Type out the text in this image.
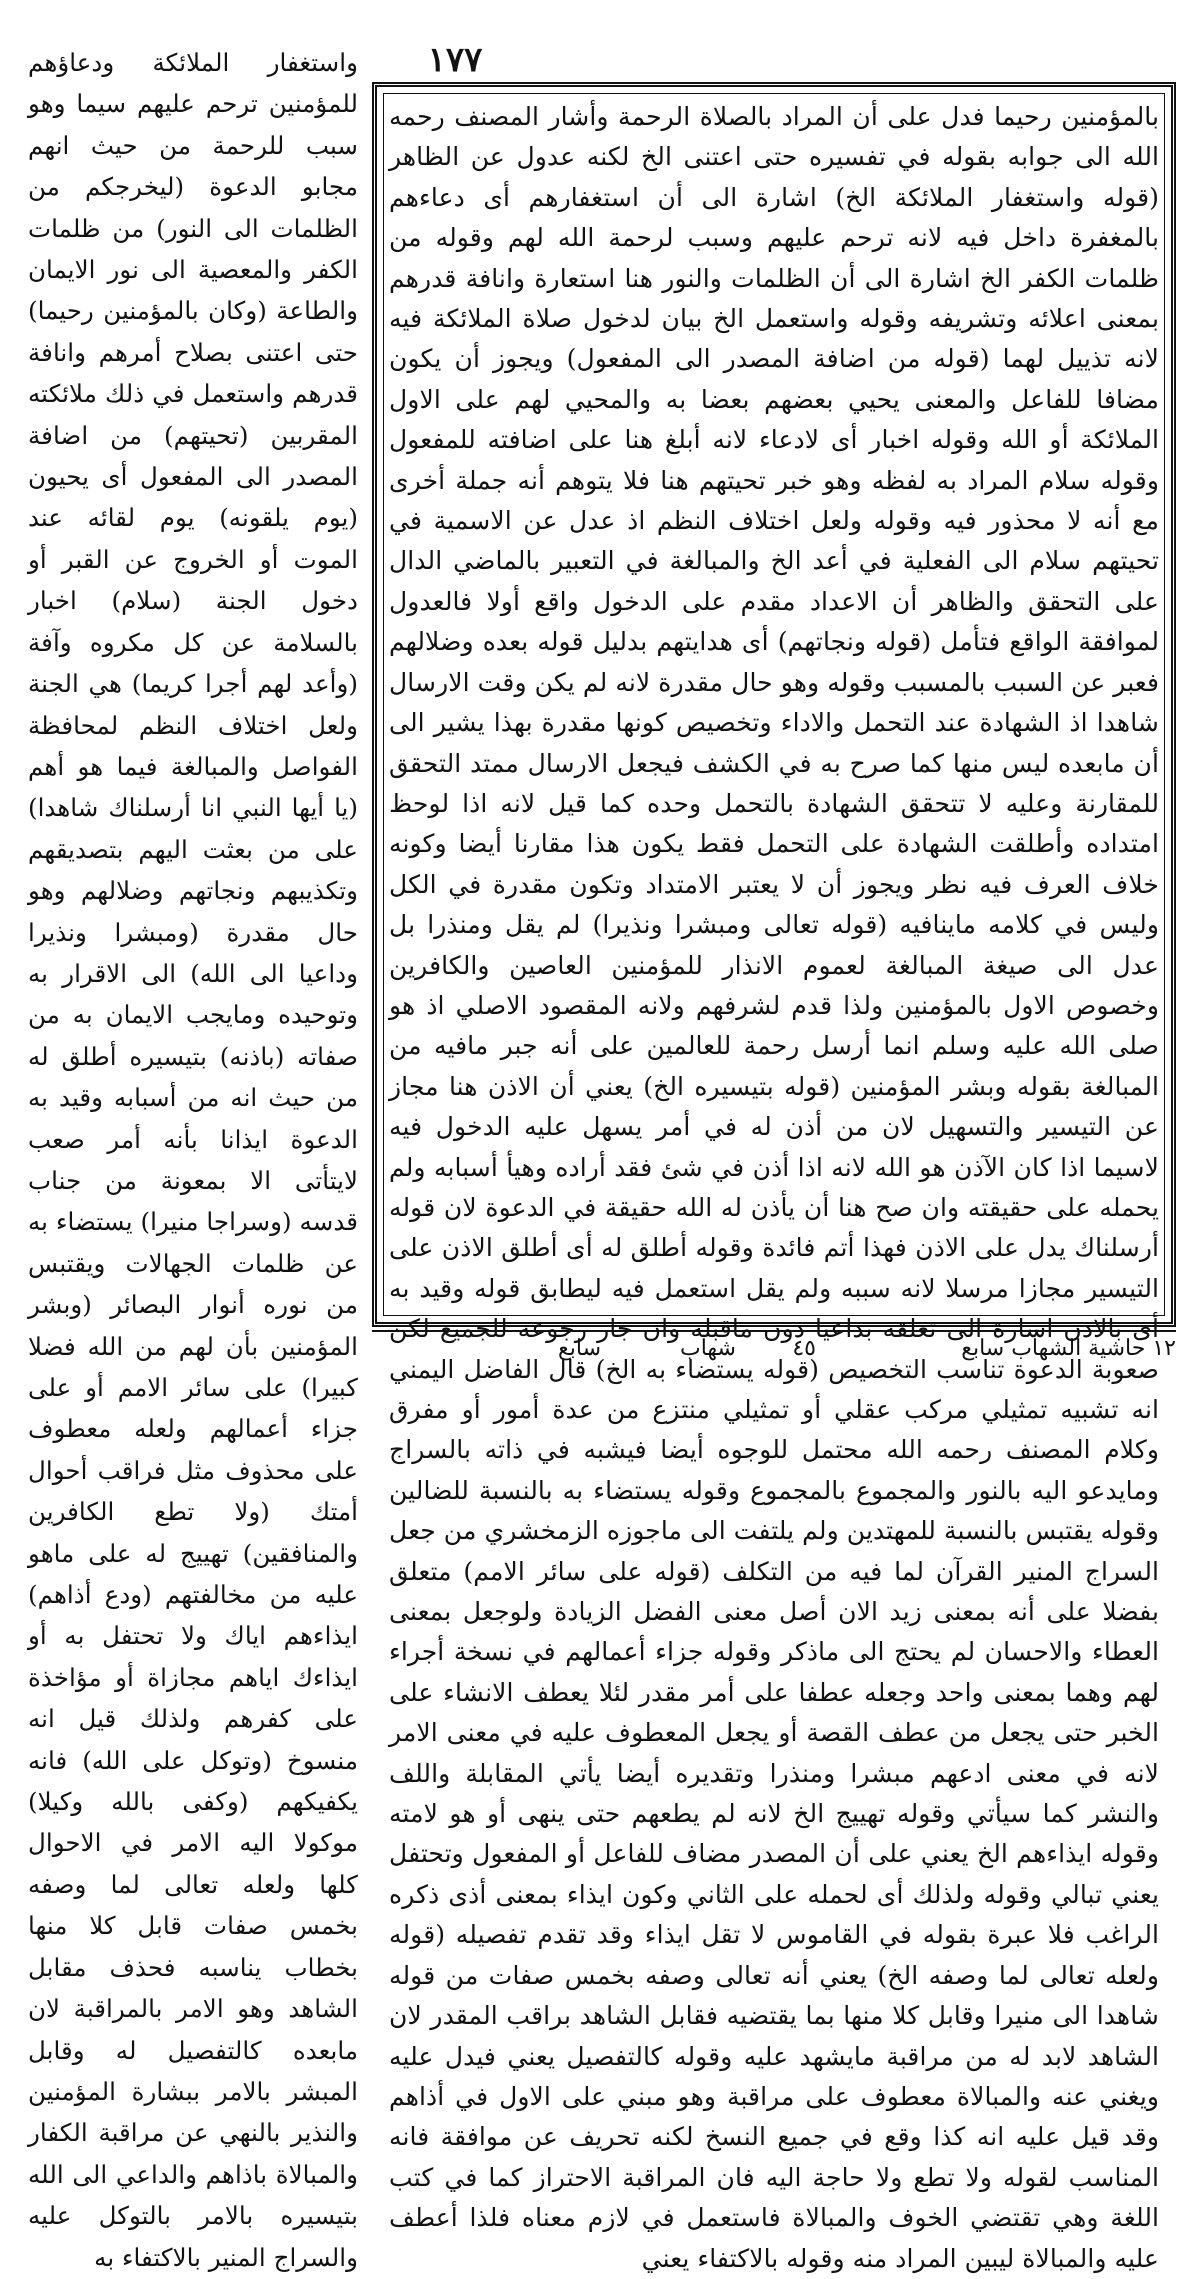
١٧٧

واستغفار الملائكة ودعاؤهم للمؤمنين ترحم عليهم سيما وهو سبب للرحمة من حيث انهم مجابو الدعوة (ليخرجكم من الظلمات الى النور) من ظلمات الكفر والمعصية الى نور الايمان والطاعة (وكان بالمؤمنين رحيما) حتى اعتنى بصلاح أمرهم وانافة قدرهم واستعمل في ذلك ملائكته المقربين (تحيتهم) من اضافة المصدر الى المفعول أى يحيون (يوم يلقونه) يوم لقائه عند الموت أو الخروج عن القبر أو دخول الجنة (سلام) اخبار بالسلامة عن كل مكروه وآفة (وأعد لهم أجرا كريما) هي الجنة ولعل اختلاف النظم لمحافظة الفواصل والمبالغة فيما هو أهم (يا أيها النبي انا أرسلناك شاهدا) على من بعثت اليهم بتصديقهم وتكذيبهم ونجاتهم وضلالهم وهو حال مقدرة (ومبشرا ونذيرا وداعيا الى الله) الى الاقرار به وتوحيده ومايجب الايمان به من صفاته (باذنه) بتيسيره أطلق له من حيث انه من أسبابه وقيد به الدعوة ايذانا بأنه أمر صعب لايتأتى الا بمعونة من جناب قدسه (وسراجا منيرا) يستضاء به عن ظلمات الجهالات ويقتبس من نوره أنوار البصائر (وبشر المؤمنين بأن لهم من الله فضلا كبيرا) على سائر الامم أو على جزاء أعمالهم ولعله معطوف على محذوف مثل فراقب أحوال أمتك (ولا تطع الكافرين والمنافقين) تهييج له على ماهو عليه من مخالفتهم (ودع أذاهم) ايذاءهم اياك ولا تحتفل به أو ايذاءك اياهم مجازاة أو مؤاخذة على كفرهم ولذلك قيل انه منسوخ (وتوكل على الله) فانه يكفيكهم (وكفى بالله وكيلا) موكولا اليه الامر في الاحوال كلها ولعله تعالى لما وصفه بخمس صفات قابل كلا منها بخطاب يناسبه فحذف مقابل الشاهد وهو الامر بالمراقبة لان مابعده كالتفصيل له وقابل المبشر بالامر ببشارة المؤمنين والنذير بالنهي عن مراقبة الكفار والمبالاة باذاهم والداعي الى الله بتيسيره بالامر بالتوكل عليه والسراج المنير بالاكتفاء به

بالمؤمنين رحيما فدل على أن المراد بالصلاة الرحمة وأشار المصنف رحمه الله الى جوابه بقوله في تفسيره حتى اعتنى الخ لكنه عدول عن الظاهر (قوله واستغفار الملائكة الخ) اشارة الى أن استغفارهم أى دعاءهم بالمغفرة داخل فيه لانه ترحم عليهم وسبب لرحمة الله لهم وقوله من ظلمات الكفر الخ اشارة الى أن الظلمات والنور هنا استعارة وانافة قدرهم بمعنى اعلائه وتشريفه وقوله واستعمل الخ بيان لدخول صلاة الملائكة فيه لانه تذييل لهما (قوله من اضافة المصدر الى المفعول) ويجوز أن يكون مضافا للفاعل والمعنى يحيي بعضهم بعضا به والمحيي لهم على الاول الملائكة أو الله وقوله اخبار أى لادعاء لانه أبلغ هنا على اضافته للمفعول وقوله سلام المراد به لفظه وهو خبر تحيتهم هنا فلا يتوهم أنه جملة أخرى مع أنه لا محذور فيه وقوله ولعل اختلاف النظم اذ عدل عن الاسمية في تحيتهم سلام الى الفعلية في أعد الخ والمبالغة في التعبير بالماضي الدال على التحقق والظاهر أن الاعداد مقدم على الدخول واقع أولا فالعدول لموافقة الواقع فتأمل (قوله ونجاتهم) أى هدايتهم بدليل قوله بعده وضلالهم فعبر عن السبب بالمسبب وقوله وهو حال مقدرة لانه لم يكن وقت الارسال شاهدا اذ الشهادة عند التحمل والاداء وتخصيص كونها مقدرة بهذا يشير الى أن مابعده ليس منها كما صرح به في الكشف فيجعل الارسال ممتد التحقق للمقارنة وعليه لا تتحقق الشهادة بالتحمل وحده كما قيل لانه اذا لوحظ امتداده وأطلقت الشهادة على التحمل فقط يكون هذا مقارنا أيضا وكونه خلاف العرف فيه نظر ويجوز أن لا يعتبر الامتداد وتكون مقدرة في الكل وليس في كلامه ماينافيه (قوله تعالى ومبشرا ونذيرا) لم يقل ومنذرا بل عدل الى صيغة المبالغة لعموم الانذار للمؤمنين العاصين والكافرين وخصوص الاول بالمؤمنين ولذا قدم لشرفهم ولانه المقصود الاصلي اذ هو صلى الله عليه وسلم انما أرسل رحمة للعالمين على أنه جبر مافيه من المبالغة بقوله وبشر المؤمنين (قوله بتيسيره الخ) يعني أن الاذن هنا مجاز عن التيسير والتسهيل لان من أذن له في أمر يسهل عليه الدخول فيه لاسيما اذا كان الآذن هو الله لانه اذا أذن في شئ فقد أراده وهيأ أسبابه ولم يحمله على حقيقته وان صح هنا أن يأذن له الله حقيقة في الدعوة لان قوله أرسلناك يدل على الاذن فهذا أتم فائدة وقوله أطلق له أى أطلق الاذن على التيسير مجازا مرسلا لانه سببه ولم يقل استعمل فيه ليطابق قوله وقيد به أى بالاذن اشارة الى تعلقه بداعيا دون ماقبله وان جاز رجوعه للجميع لكن صعوبة الدعوة تناسب التخصيص (قوله يستضاء به الخ) قال الفاضل اليمني انه تشبيه تمثيلي مركب عقلي أو تمثيلي منتزع من عدة أمور أو مفرق وكلام المصنف رحمه الله محتمل للوجوه أيضا فيشبه في ذاته بالسراج ومايدعو اليه بالنور والمجموع بالمجموع وقوله يستضاء به بالنسبة للضالين وقوله يقتبس بالنسبة للمهتدين ولم يلتفت الى ماجوزه الزمخشري من جعل السراج المنير القرآن لما فيه من التكلف (قوله على سائر الامم) متعلق بفضلا على أنه بمعنى زيد الان أصل معنى الفضل الزيادة ولوجعل بمعنى العطاء والاحسان لم يحتج الى ماذكر وقوله جزاء أعمالهم في نسخة أجراء لهم وهما بمعنى واحد وجعله عطفا على أمر مقدر لئلا يعطف الانشاء على الخبر حتى يجعل من عطف القصة أو يجعل المعطوف عليه في معنى الامر لانه في معنى ادعهم مبشرا ومنذرا وتقديره أيضا يأتي المقابلة واللف والنشر كما سيأتي وقوله تهييج الخ لانه لم يطعهم حتى ينهى أو هو لامته وقوله ايذاءهم الخ يعني على أن المصدر مضاف للفاعل أو المفعول وتحتفل يعني تبالي وقوله ولذلك أى لحمله على الثاني وكون ايذاء بمعنى أذى ذكره الراغب فلا عبرة بقوله في القاموس لا تقل ايذاء وقد تقدم تفصيله (قوله ولعله تعالى لما وصفه الخ) يعني أنه تعالى وصفه بخمس صفات من قوله شاهدا الى منيرا وقابل كلا منها بما يقتضيه فقابل الشاهد براقب المقدر لان الشاهد لابد له من مراقبة مايشهد عليه وقوله كالتفصيل يعني فيدل عليه ويغني عنه والمبالاة معطوف على مراقبة وهو مبني على الاول في أذاهم وقد قيل عليه انه كذا وقع في جميع النسخ لكنه تحريف عن موافقة فانه المناسب لقوله ولا تطع ولا حاجة اليه فان المراقبة الاحتراز كما في كتب اللغة وهي تقتضي الخوف والمبالاة فاستعمل في لازم معناه فلذا أعطف عليه والمبالاة ليبين المراد منه وقوله بالاكتفاء يعني

١٢ حاشية الشهاب سابع
٤٥
شهاب
سابع
